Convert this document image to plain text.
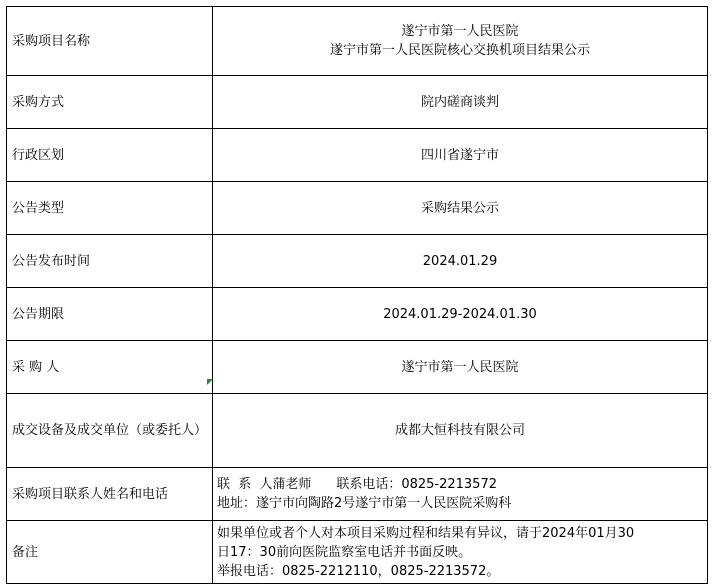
采购项目名称	遂宁市第一人民医院
遂宁市第一人民医院核心交换机项目结果公示

采购方式	院内磋商谈判
行政区划	四川省遂宁市
公告类型	采购结果公示
公告发布时间	2024.01.29
公告期限	2024.01.29-2024.01.30
采 购 人	遂宁市第一人民医院
成交设备及成交单位（或委托人）	成都大恒科技有限公司
采购项目联系人姓名和电话	联  系  人蒲老师      联系电话：0825-2213572
地址：遂宁市向陶路2号遂宁市第一人民医院采购科

备注	如果单位或者个人对本项目采购过程和结果有异议，请于2024年01月30
日17：30前向医院监察室电话并书面反映。
举报电话：0825-2212110，0825-2213572。
